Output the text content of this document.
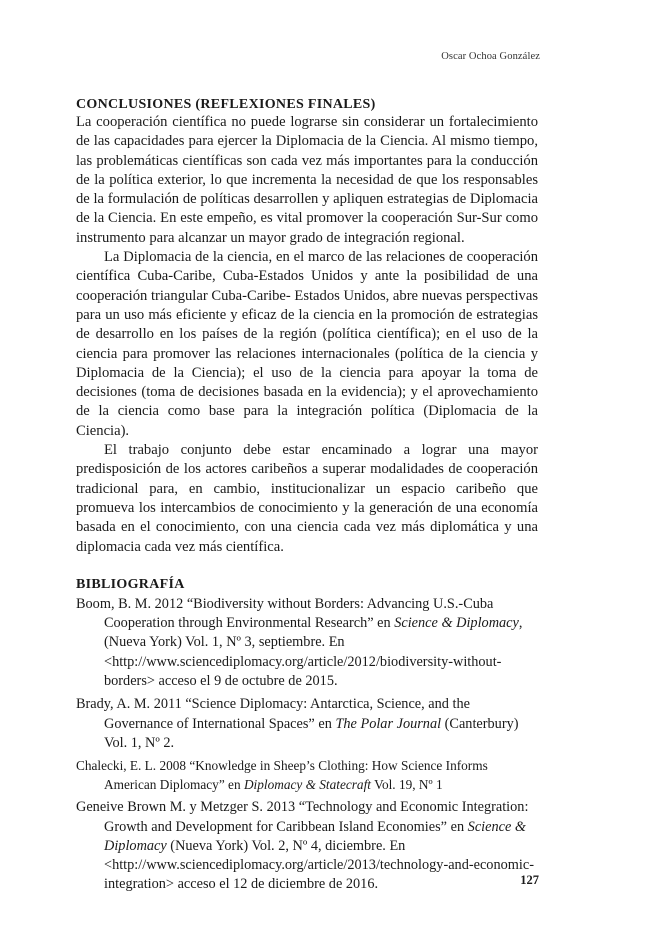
Oscar Ochoa González
CONCLUSIONES (REFLEXIONES FINALES)

La cooperación científica no puede lograrse sin considerar un fortalecimiento de las capacidades para ejercer la Diplomacia de la Ciencia. Al mismo tiempo, las problemáticas científicas son cada vez más importantes para la conducción de la política exterior, lo que incrementa la necesidad de que los responsables de la formulación de políticas desarrollen y apliquen estrategias de Diplomacia de la Ciencia. En este empeño, es vital promover la cooperación Sur-Sur como instrumento para alcanzar un mayor grado de integración regional.

La Diplomacia de la ciencia, en el marco de las relaciones de cooperación científica Cuba-Caribe, Cuba-Estados Unidos y ante la posibilidad de una cooperación triangular Cuba-Caribe- Estados Unidos, abre nuevas perspectivas para un uso más eficiente y eficaz de la ciencia en la promoción de estrategias de desarrollo en los países de la región (política científica); en el uso de la ciencia para promover las relaciones internacionales (política de la ciencia y Diplomacia de la Ciencia); el uso de la ciencia para apoyar la toma de decisiones (toma de decisiones basada en la evidencia); y el aprovechamiento de la ciencia como base para la integración política (Diplomacia de la Ciencia).

El trabajo conjunto debe estar encaminado a lograr una mayor predisposición de los actores caribeños a superar modalidades de cooperación tradicional para, en cambio, institucionalizar un espacio caribeño que promueva los intercambios de conocimiento y la generación de una economía basada en el conocimiento, con una ciencia cada vez más diplomática y una diplomacia cada vez más científica.

BIBLIOGRAFÍA
Boom, B. M. 2012 “Biodiversity without Borders: Advancing U.S.-Cuba Cooperation through Environmental Research” en Science & Diplomacy, (Nueva York) Vol. 1, Nº 3, septiembre. En <http://www.sciencediplomacy.org/article/2012/biodiversity-without-borders> acceso el 9 de octubre de 2015.
Brady, A. M. 2011 “Science Diplomacy: Antarctica, Science, and the Governance of International Spaces” en The Polar Journal (Canterbury) Vol. 1, Nº 2.
Chalecki, E. L. 2008 “Knowledge in Sheep’s Clothing: How Science Informs American Diplomacy” en Diplomacy & Statecraft Vol. 19, Nº 1
Geneive Brown M. y Metzger S. 2013 “Technology and Economic Integration: Growth and Development for Caribbean Island Economies” en Science & Diplomacy (Nueva York) Vol. 2, Nº 4, diciembre. En <http://www.sciencediplomacy.org/article/2013/technology-and-economic-integration> acceso el 12 de diciembre de 2016.	127
